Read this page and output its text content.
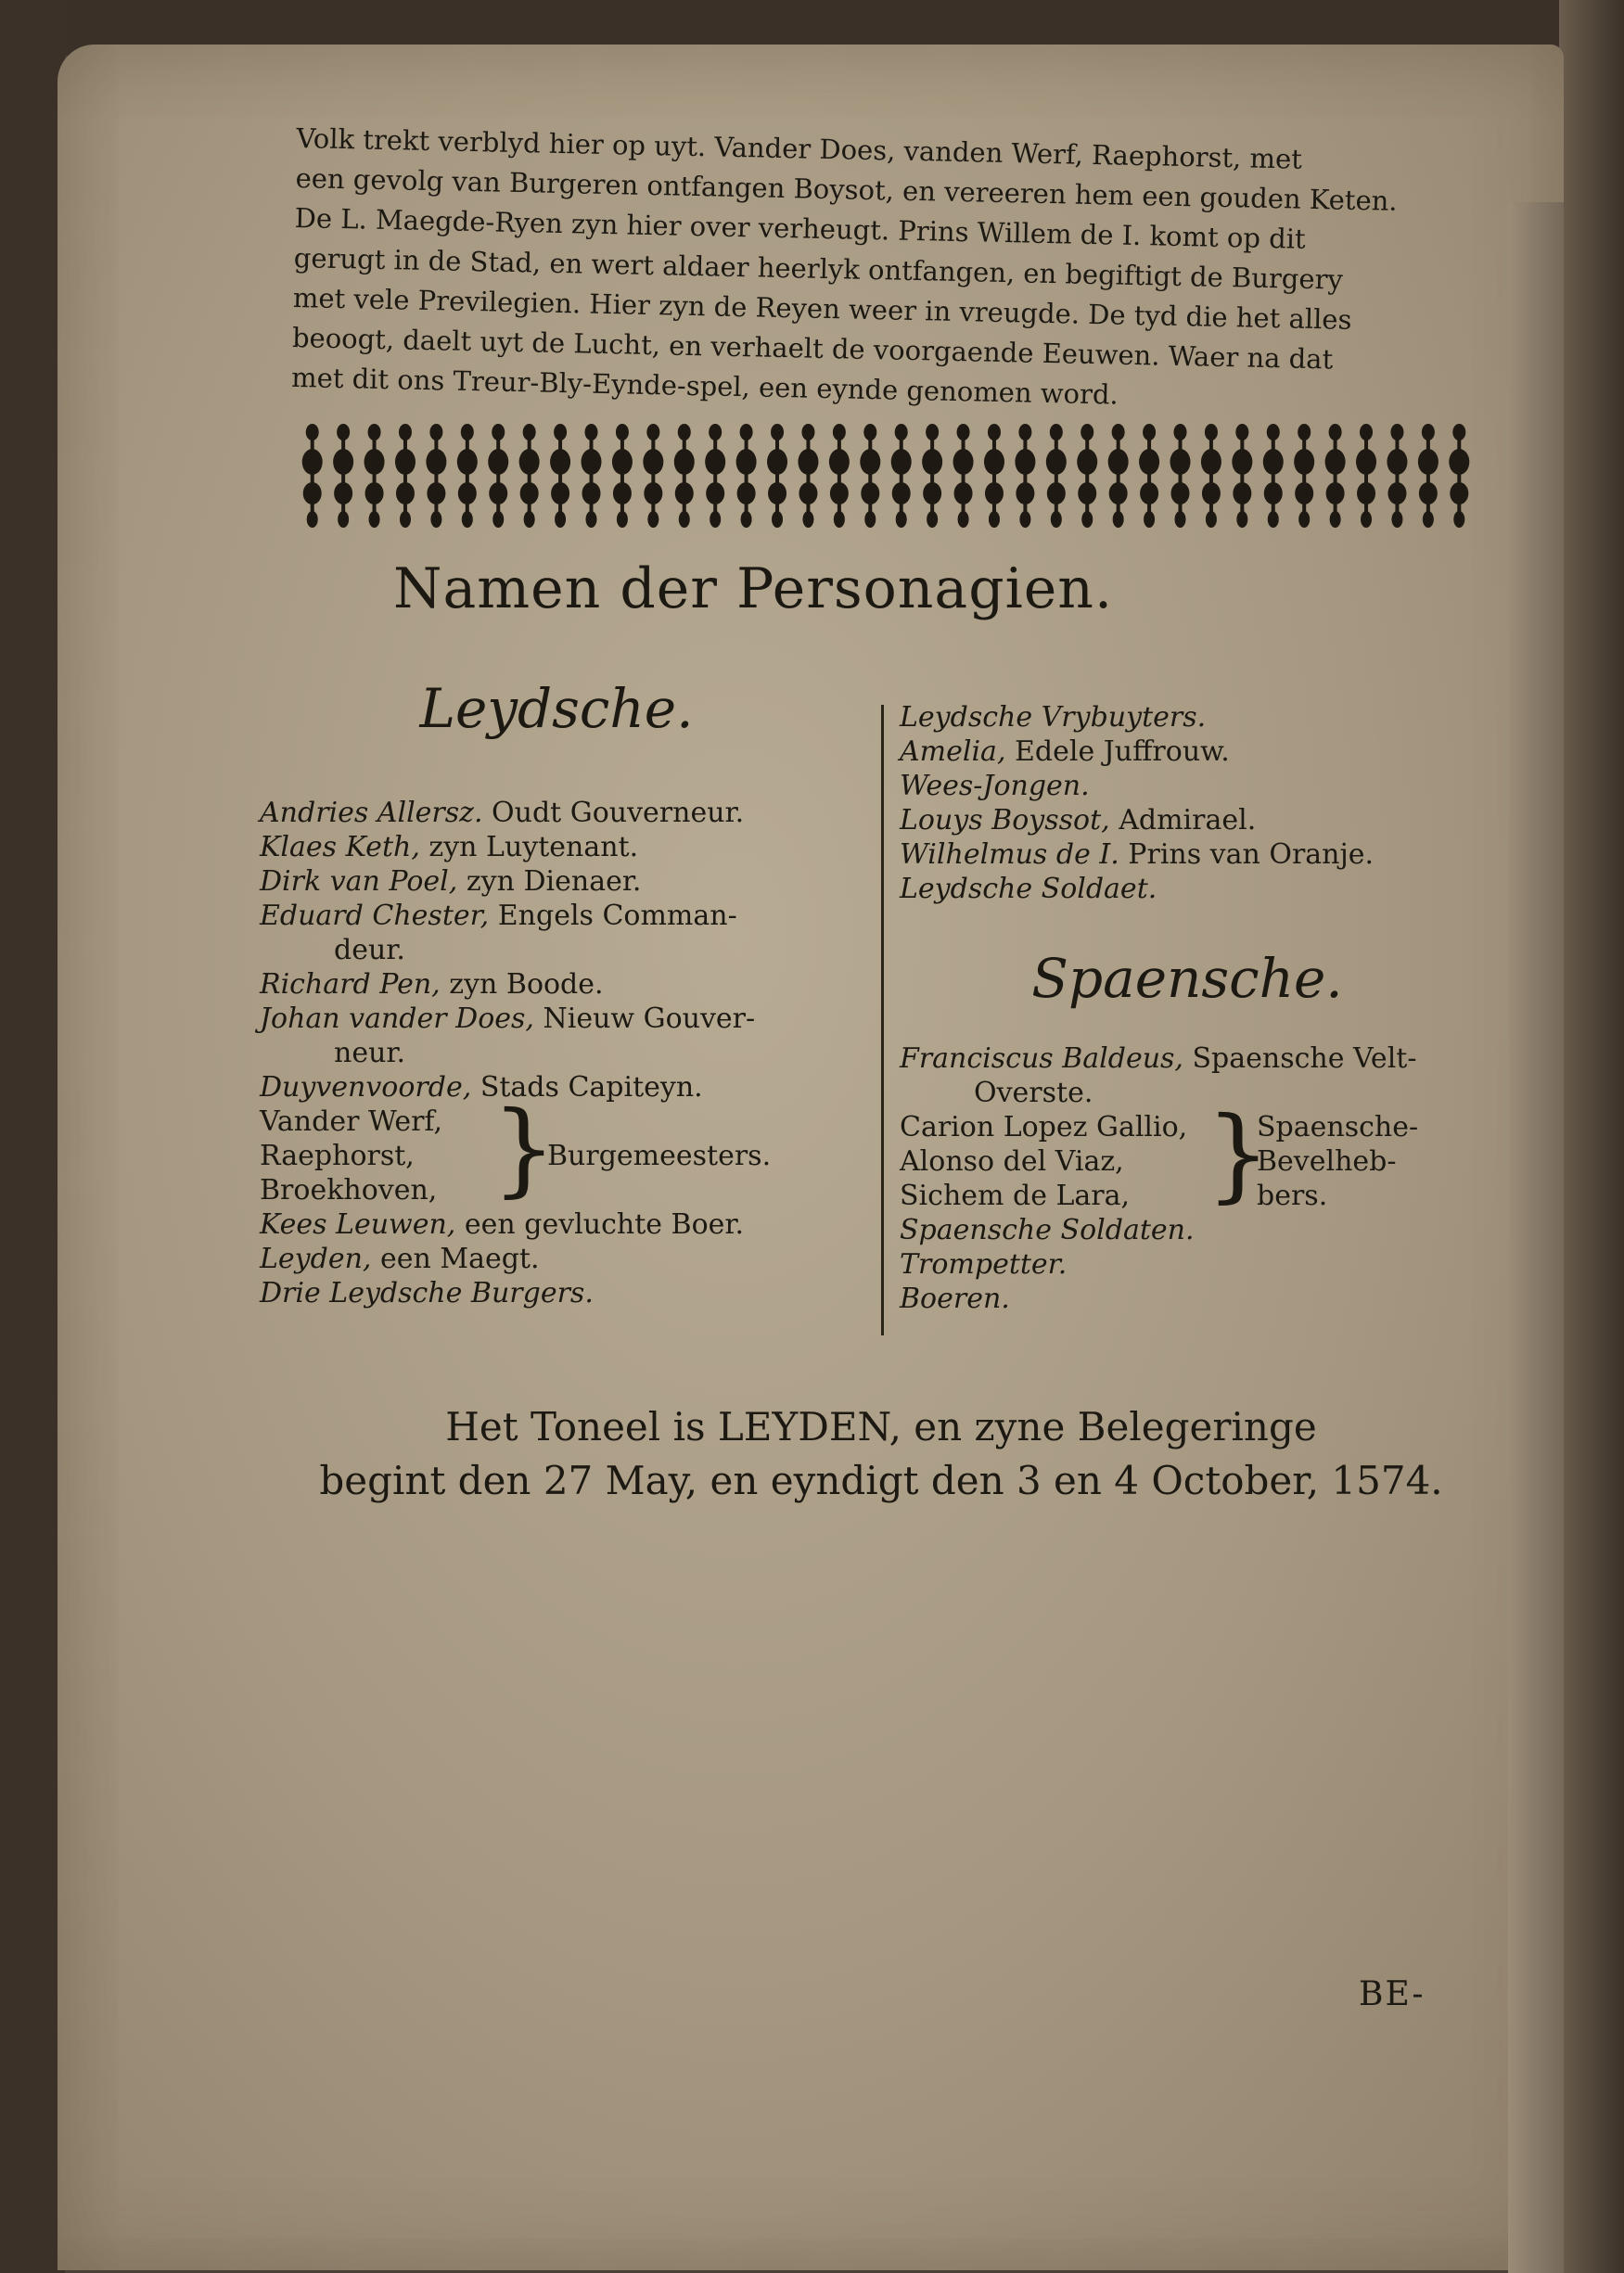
Volk trekt verblyd hier op uyt. Vander Does, vanden Werf, Raephorst, met

een gevolg van Burgeren ontfangen Boysot, en vereeren hem een gouden Keten.

De L. Maegde-Ryen zyn hier over verheugt. Prins Willem de I. komt op dit

gerugt in de Stad, en wert aldaer heerlyk ontfangen, en begiftigt de Burgery

met vele Previlegien. Hier zyn de Reyen weer in vreugde. De tyd die het alles

beoogt, daelt uyt de Lucht, en verhaelt de voorgaende Eeuwen. Waer na dat

met dit ons Treur-Bly-Eynde-spel, een eynde genomen word.

Namen der Personagien.
Leydsche.

Andries Allersz. Oudt Gouverneur.

Klaes Keth, zyn Luytenant.

Dirk van Poel, zyn Dienaer.

Eduard Chester, Engels Comman-

deur.

Richard Pen, zyn Boode.

Johan vander Does, Nieuw Gouver-

neur.

Duyvenvoorde, Stads Capiteyn.

Vander Werf,

Raephorst,

Broekhoven, }
Burgemeesters.

Kees Leuwen, een gevluchte Boer.

Leyden, een Maegt.

Drie Leydsche Burgers.

Leydsche Vrybuyters.

Amelia, Edele Juffrouw.

Wees-Jongen.

Louys Boyssot, Admirael.

Wilhelmus de I. Prins van Oranje.

Leydsche Soldaet.

Spaensche.

Franciscus Baldeus, Spaensche Velt-

Overste.

Carion Lopez Gallio,

Alonso del Viaz,

Sichem de Lara, }

Spaensche-

Bevelheb-

bers.

Spaensche Soldaten.

Trompetter.

Boeren.

Het Toneel is LEYDEN, en zyne Belegeringe
begint den 27 May, en eyndigt den 3 en 4 October, 1574.
BE-
